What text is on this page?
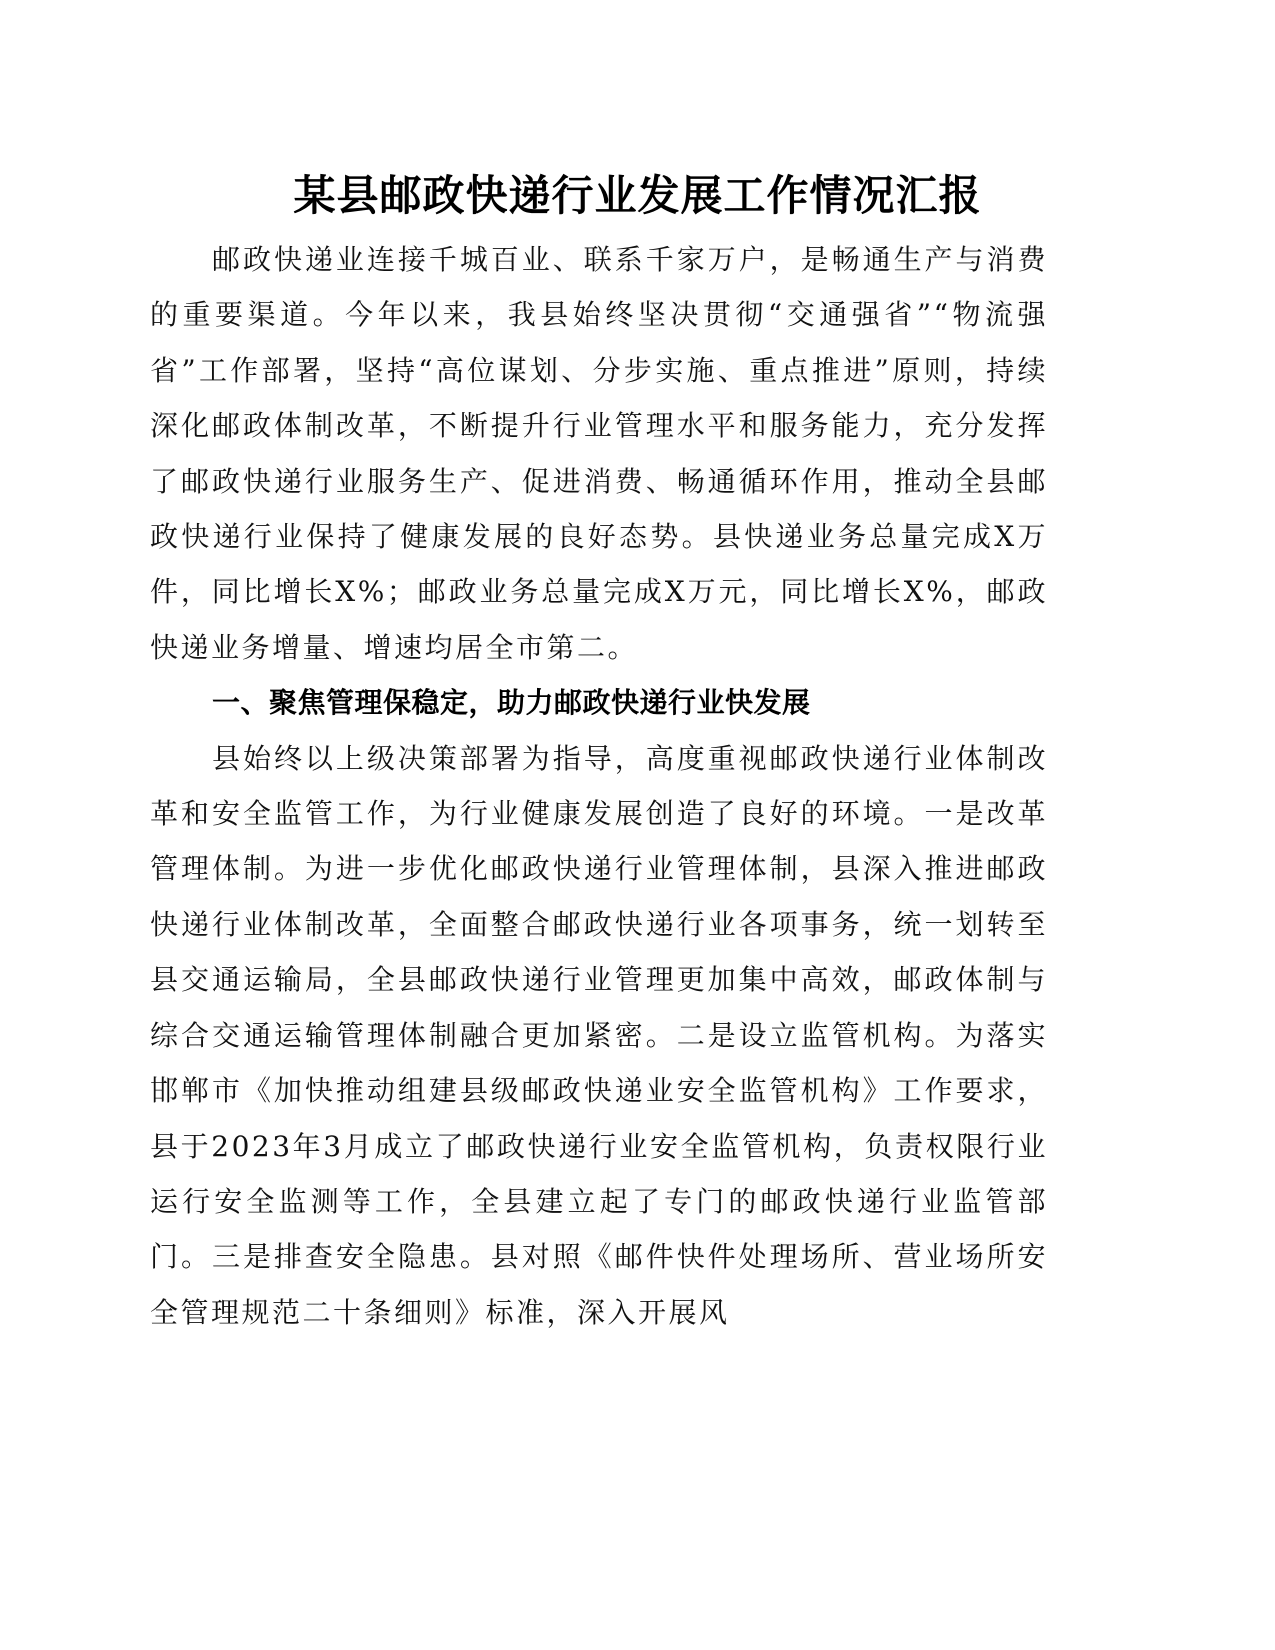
某县邮政快递行业发展工作情况汇报

邮政快递业连接千城百业、联系千家万户，是畅通生产与消费的重要渠道。今年以来，我县始终坚决贯彻“交通强省”“物流强省”工作部署，坚持“高位谋划、分步实施、重点推进”原则，持续深化邮政体制改革，不断提升行业管理水平和服务能力，充分发挥了邮政快递行业服务生产、促进消费、畅通循环作用，推动全县邮政快递行业保持了健康发展的良好态势。县快递业务总量完成X万件，同比增长X%；邮政业务总量完成X万元，同比增长X%，邮政快递业务增量、增速均居全市第二。

一、聚焦管理保稳定，助力邮政快递行业快发展

县始终以上级决策部署为指导，高度重视邮政快递行业体制改革和安全监管工作，为行业健康发展创造了良好的环境。一是改革管理体制。为进一步优化邮政快递行业管理体制，县深入推进邮政快递行业体制改革，全面整合邮政快递行业各项事务，统一划转至县交通运输局，全县邮政快递行业管理更加集中高效，邮政体制与综合交通运输管理体制融合更加紧密。二是设立监管机构。为落实邯郸市《加快推动组建县级邮政快递业安全监管机构》工作要求，县于2023年3月成立了邮政快递行业安全监管机构，负责权限行业运行安全监测等工作，全县建立起了专门的邮政快递行业监管部门。三是排查安全隐患。县对照《邮件快件处理场所、营业场所安全管理规范二十条细则》标准，深入开展风
